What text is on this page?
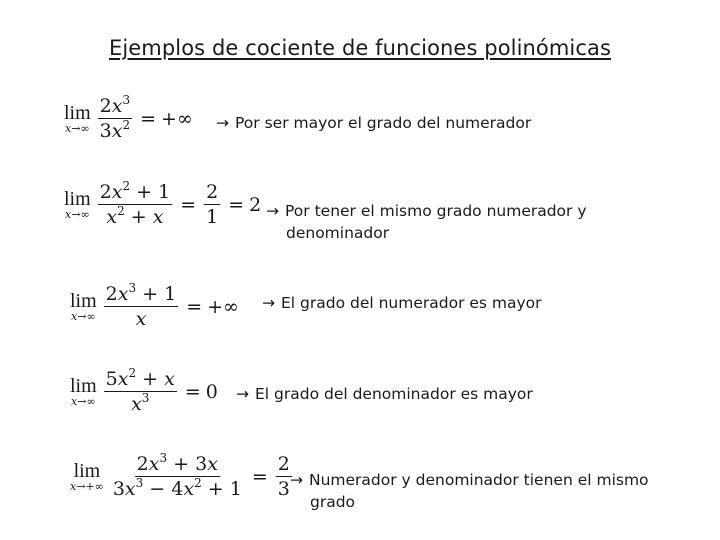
Ejemplos de cociente de funciones polinómicas
lim
$x\to\infty \frac{2x^3}{3x^2}$ = +∞ → Por ser mayor el grado del numerador
lim
$x\to\infty \frac{2x^2 + 1}{x^2 + x} = \frac{2}{1} = 2$ → Por tener el mismo grado numerador y
denominador
lim
$x\to\infty \frac{2x^3 + 1}{x}$ = +∞ → El grado del numerador es mayor
lim
$x\to\infty \frac{5x^2 + x}{x^3} = 0 \to El$ grado del denominador es mayor
lim
$x\to+\infty \frac{2x^3 + 3x}{3x^3 - 4x^2 + 1} = \frac{2}{3}$
→ Numerador y denominador tienen el mismo
grado
